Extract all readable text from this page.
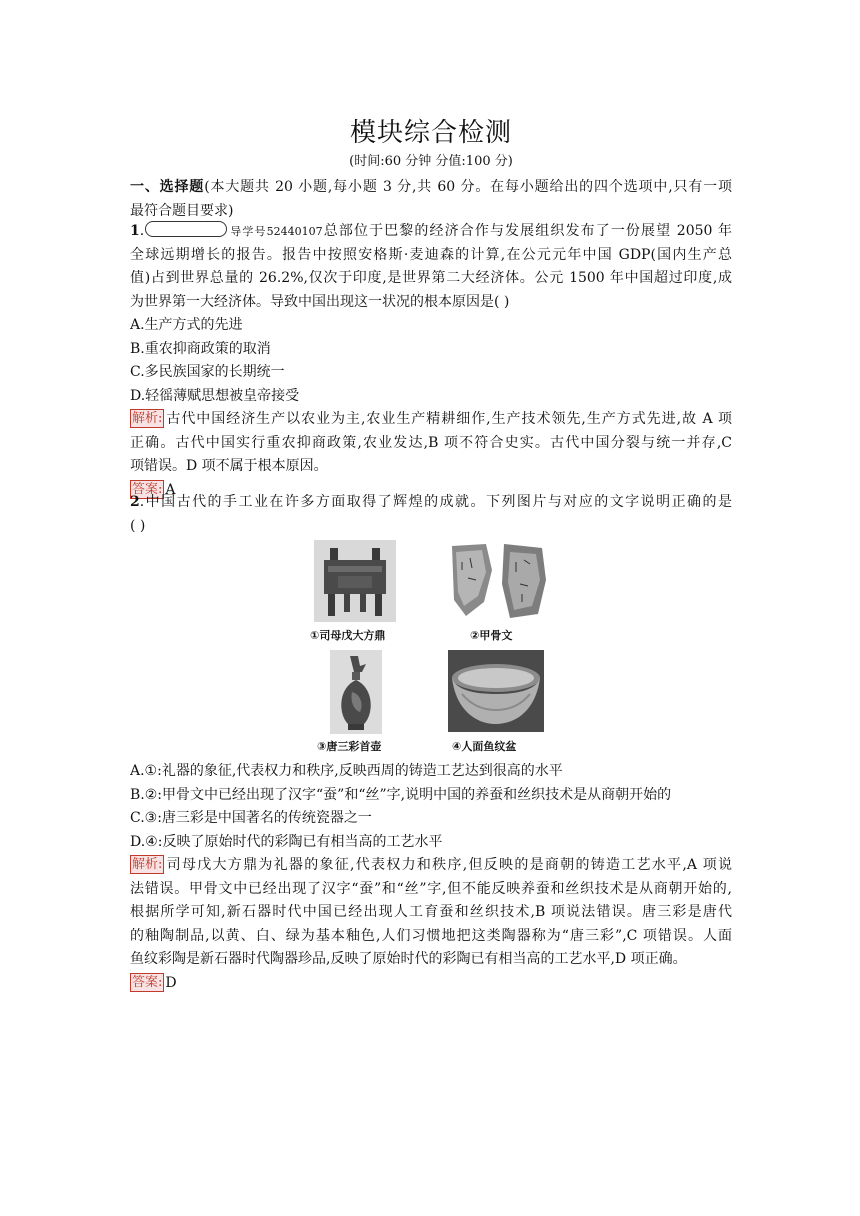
模块综合检测
(时间:60 分钟 分值:100 分)
一、选择题(本大题共 20 小题,每小题 3 分,共 60 分。在每小题给出的四个选项中,只有一项
最符合题目要求)
1.	导学号52440107总部位于巴黎的经济合作与发展组织发布了一份展望 2050 年
全球远期增长的报告。报告中按照安格斯·麦迪森的计算,在公元元年中国 GDP(国内生产总
值)占到世界总量的 26.2%,仅次于印度,是世界第二大经济体。公元 1500 年中国超过印度,成
为世界第一大经济体。导致中国出现这一状况的根本原因是( )
A.生产方式的先进
B.重农抑商政策的取消
C.多民族国家的长期统一
D.轻徭薄赋思想被皇帝接受
解析: 古代中国经济生产以农业为主,农业生产精耕细作,生产技术领先,生产方式先进,故 A 项
正确。古代中国实行重农抑商政策,农业发达,B 项不符合史实。古代中国分裂与统一并存,C
项错误。D 项不属于根本原因。
答案: A
2.中国古代的手工业在许多方面取得了辉煌的成就。下列图片与对应的文字说明正确的是
( )
①司母戊大方鼎	②甲骨文
③唐三彩首壶	④人面鱼纹盆
A.①:礼器的象征,代表权力和秩序,反映西周的铸造工艺达到很高的水平
B.②:甲骨文中已经出现了汉字“蚕”和“丝”字,说明中国的养蚕和丝织技术是从商朝开始的
C.③:唐三彩是中国著名的传统瓷器之一
D.④:反映了原始时代的彩陶已有相当高的工艺水平
解析: 司母戊大方鼎为礼器的象征,代表权力和秩序,但反映的是商朝的铸造工艺水平,A 项说
法错误。甲骨文中已经出现了汉字“蚕”和“丝”字,但不能反映养蚕和丝织技术是从商朝开始的,
根据所学可知,新石器时代中国已经出现人工育蚕和丝织技术,B 项说法错误。唐三彩是唐代
的釉陶制品,以黄、白、绿为基本釉色,人们习惯地把这类陶器称为“唐三彩”,C 项错误。人面
鱼纹彩陶是新石器时代陶器珍品,反映了原始时代的彩陶已有相当高的工艺水平,D 项正确。
答案: D
